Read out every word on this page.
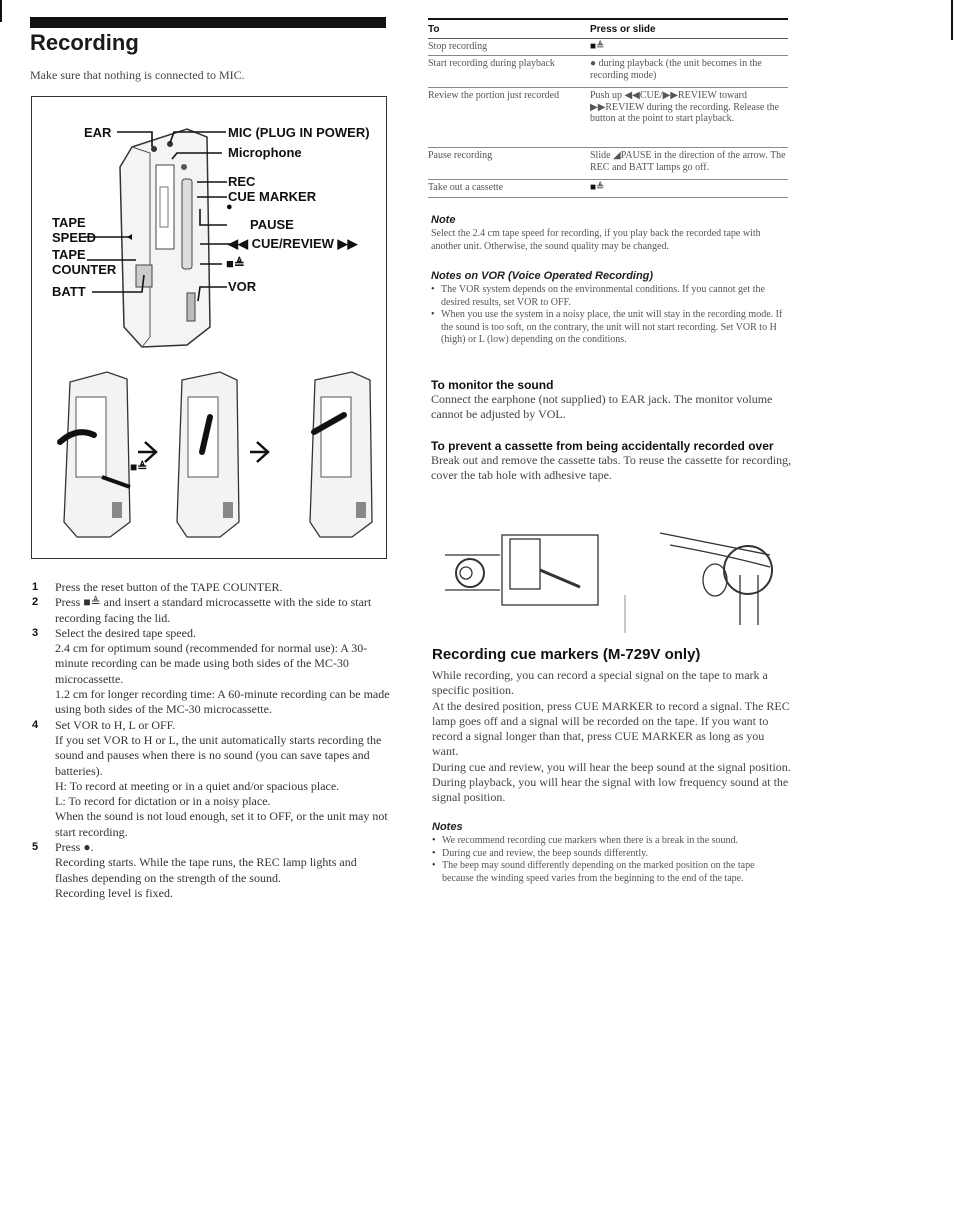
Recording
Make sure that nothing is connected to MIC.
EAR	MIC (PLUG IN POWER)
Microphone
REC
CUE MARKER
●
TAPE
SPEED
PAUSE
◀◀ CUE/REVIEW ▶▶
TAPE
COUNTER	■≜
BATT	VOR
■≜
1 Press the reset button of the TAPE COUNTER.

2 Press ■≜ and insert a standard microcassette with the side to start recording facing the lid.

3 Select the desired tape speed.

2.4 cm for optimum sound (recommended for normal use): A 30-minute recording can be made using both sides of the MC-30 microcassette.

1.2 cm for longer recording time: A 60-minute recording can be made using both sides of the MC-30 microcassette.

4 Set VOR to H, L or OFF.

If you set VOR to H or L, the unit automatically starts recording the sound and pauses when there is no sound (you can save tapes and batteries).

H: To record at meeting or in a quiet and/or spacious place.

L: To record for dictation or in a noisy place.

When the sound is not loud enough, set it to OFF, or the unit may not start recording.

5 Press ●.

Recording starts. While the tape runs, the REC lamp lights and flashes depending on the strength of the sound.

Recording level is fixed.

To	Press or slide
Stop recording	■≜
Start recording during playback	● during playback (the unit becomes in the recording mode)
Review the portion just recorded	Push up ◀◀CUE/▶▶REVIEW toward ▶▶REVIEW during the recording. Release the button at the point to start playback.
Pause recording	Slide ◢PAUSE in the direction of the arrow. The REC and BATT lamps go off.
Take out a cassette	■≜
Note
Select the 2.4 cm tape speed for recording, if you play back the recorded tape with another unit. Otherwise, the sound quality may be changed.
Notes on VOR (Voice Operated Recording)
• The VOR system depends on the environmental conditions. If you cannot get the desired results, set VOR to OFF.
• When you use the system in a noisy place, the unit will stay in the recording mode. If the sound is too soft, on the contrary, the unit will not start recording. Set VOR to H (high) or L (low) depending on the conditions.
To monitor the sound
Connect the earphone (not supplied) to EAR jack. The monitor volume cannot be adjusted by VOL.
To prevent a cassette from being accidentally recorded over
Break out and remove the cassette tabs. To reuse the cassette for recording, cover the tab hole with adhesive tape.
Recording cue markers (M-729V only)

While recording, you can record a special signal on the tape to mark a specific position.

At the desired position, press CUE MARKER to record a signal. The REC lamp goes off and a signal will be recorded on the tape. If you want to record a signal longer than that, press CUE MARKER as long as you want.

During cue and review, you will hear the beep sound at the signal position. During playback, you will hear the signal with low frequency sound at the signal position.

Notes
• We recommend recording cue markers when there is a break in the sound.
• During cue and review, the beep sounds differently.
• The beep may sound differently depending on the marked position on the tape because the winding speed varies from the beginning to the end of the tape.
